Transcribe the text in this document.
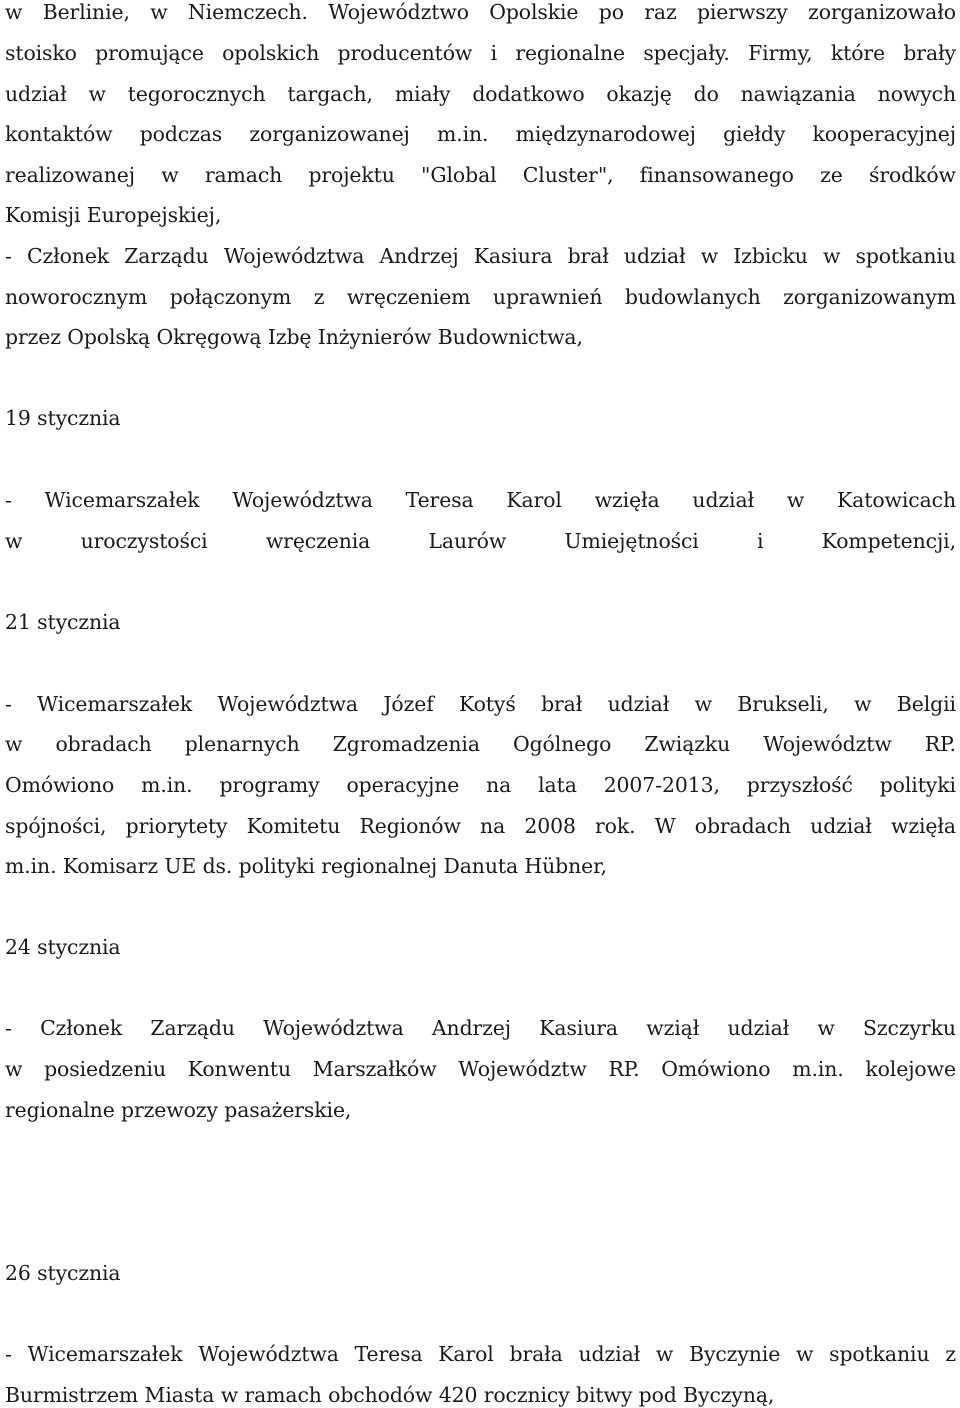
w Berlinie, w Niemczech. Województwo Opolskie po raz pierwszy zorganizowało
stoisko promujące opolskich producentów i regionalne specjały. Firmy, które brały
udział w tegorocznych targach, miały dodatkowo okazję do nawiązania nowych
kontaktów podczas zorganizowanej m.in. międzynarodowej giełdy kooperacyjnej
realizowanej w ramach projektu "Global Cluster", finansowanego ze środków
Komisji Europejskiej,
- Członek Zarządu Województwa Andrzej Kasiura brał udział w Izbicku w spotkaniu
noworocznym połączonym z wręczeniem uprawnień budowlanych zorganizowanym
przez Opolską Okręgową Izbę Inżynierów Budownictwa,
19 stycznia
- Wicemarszałek Województwa Teresa Karol wzięła udział w Katowicach
w	uroczystości	wręczenia	Laurów	Umiejętności	i	Kompetencji,
21 stycznia
- Wicemarszałek Województwa Józef Kotyś brał udział w Brukseli, w Belgii
w obradach plenarnych Zgromadzenia Ogólnego Związku Województw RP.
Omówiono m.in. programy operacyjne na lata 2007-2013, przyszłość polityki
spójności, priorytety Komitetu Regionów na 2008 rok. W obradach udział wzięła
m.in. Komisarz UE ds. polityki regionalnej Danuta Hübner,
24 stycznia
- Członek Zarządu Województwa Andrzej Kasiura wziął udział w Szczyrku
w posiedzeniu Konwentu Marszałków Województw RP. Omówiono m.in. kolejowe
regionalne przewozy pasażerskie,
26 stycznia
- Wicemarszałek Województwa Teresa Karol brała udział w Byczynie w spotkaniu z
Burmistrzem Miasta w ramach obchodów 420 rocznicy bitwy pod Byczyną,
